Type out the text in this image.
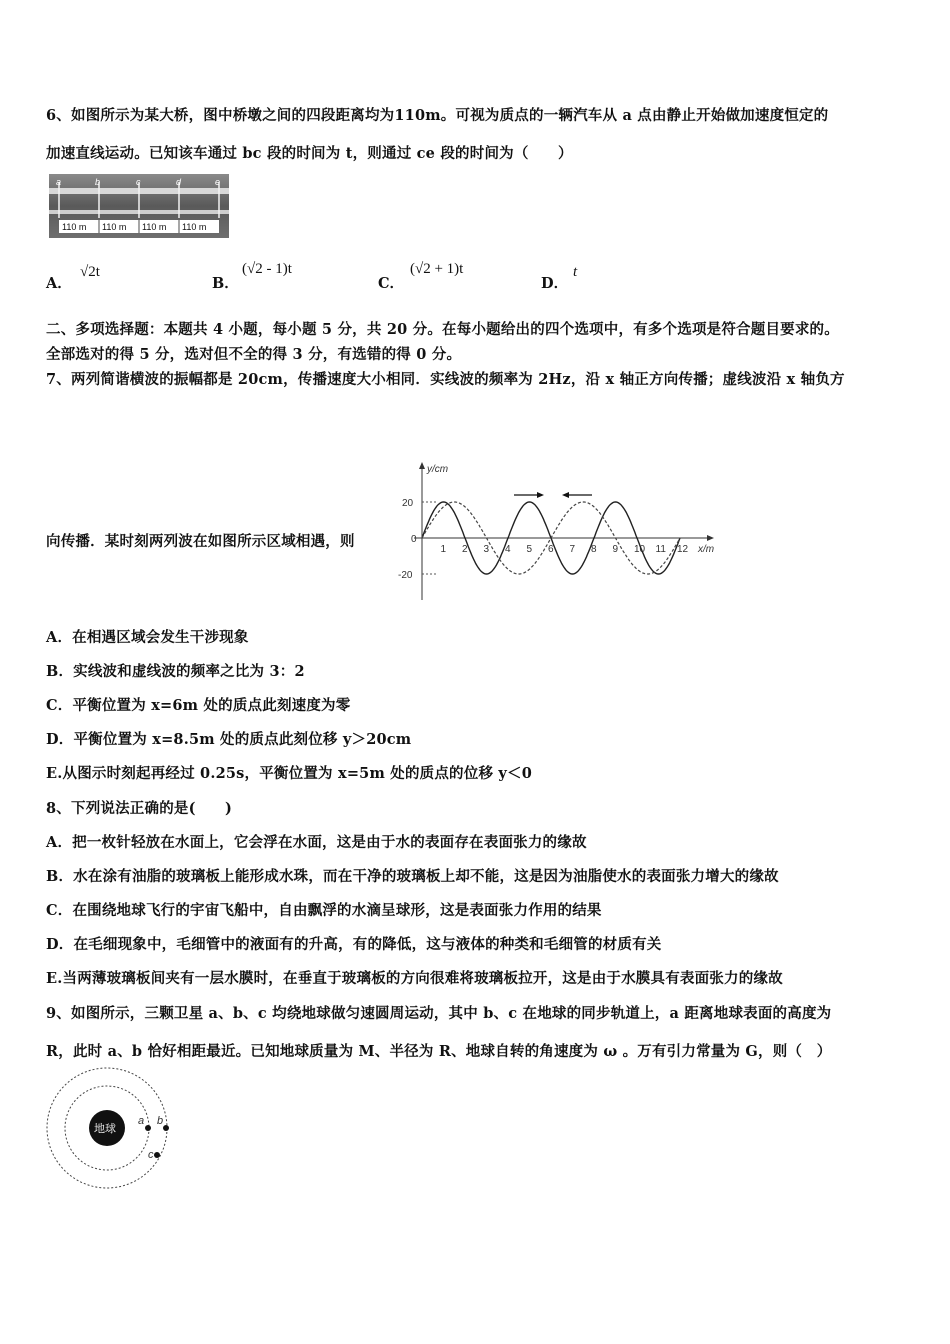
6、如图所示为某大桥，图中桥墩之间的四段距离均为110m。可视为质点的一辆汽车从 a 点由静止开始做加速度恒定的
加速直线运动。已知该车通过 bc 段的时间为 t，则通过 ce 段的时间为（　　）
a	b	c	d	e
110 m 110 m 110 m 110 m
A．
√2t
B．
(√2 - 1)t
C．
(√2 + 1)t
D．
t
二、多项选择题：本题共 4 小题，每小题 5 分，共 20 分。在每小题给出的四个选项中，有多个选项是符合题目要求的。
全部选对的得 5 分，选对但不全的得 3 分，有选错的得 0 分。
7、两列简谐横波的振幅都是 20cm，传播速度大小相同．实线波的频率为 2Hz，沿 x 轴正方向传播；虚线波沿 x 轴负方
向传播．某时刻两列波在如图所示区域相遇，则
y/cm
x/m
20
0
-20
1 2 3 4 5 6 7 8 9 10 11 12
A．在相遇区域会发生干涉现象
B．实线波和虚线波的频率之比为 3：2
C．平衡位置为 x=6m 处的质点此刻速度为零
D．平衡位置为 x=8.5m 处的质点此刻位移 y＞20cm
E.从图示时刻起再经过 0.25s，平衡位置为 x=5m 处的质点的位移 y＜0
8、下列说法正确的是(　　)
A．把一枚针轻放在水面上，它会浮在水面，这是由于水的表面存在表面张力的缘故
B．水在涂有油脂的玻璃板上能形成水珠，而在干净的玻璃板上却不能，这是因为油脂使水的表面张力增大的缘故
C．在围绕地球飞行的宇宙飞船中，自由飘浮的水滴呈球形，这是表面张力作用的结果
D．在毛细现象中，毛细管中的液面有的升高，有的降低，这与液体的种类和毛细管的材质有关
E.当两薄玻璃板间夹有一层水膜时，在垂直于玻璃板的方向很难将玻璃板拉开，这是由于水膜具有表面张力的缘故
9、如图所示，三颗卫星 a、b、c 均绕地球做匀速圆周运动，其中 b、c 在地球的同步轨道上，a 距离地球表面的高度为
R，此时 a、b 恰好相距最近。已知地球质量为 M、半径为 R、地球自转的角速度为 ω 。万有引力常量为 G，则（　）
地球
a b
c
